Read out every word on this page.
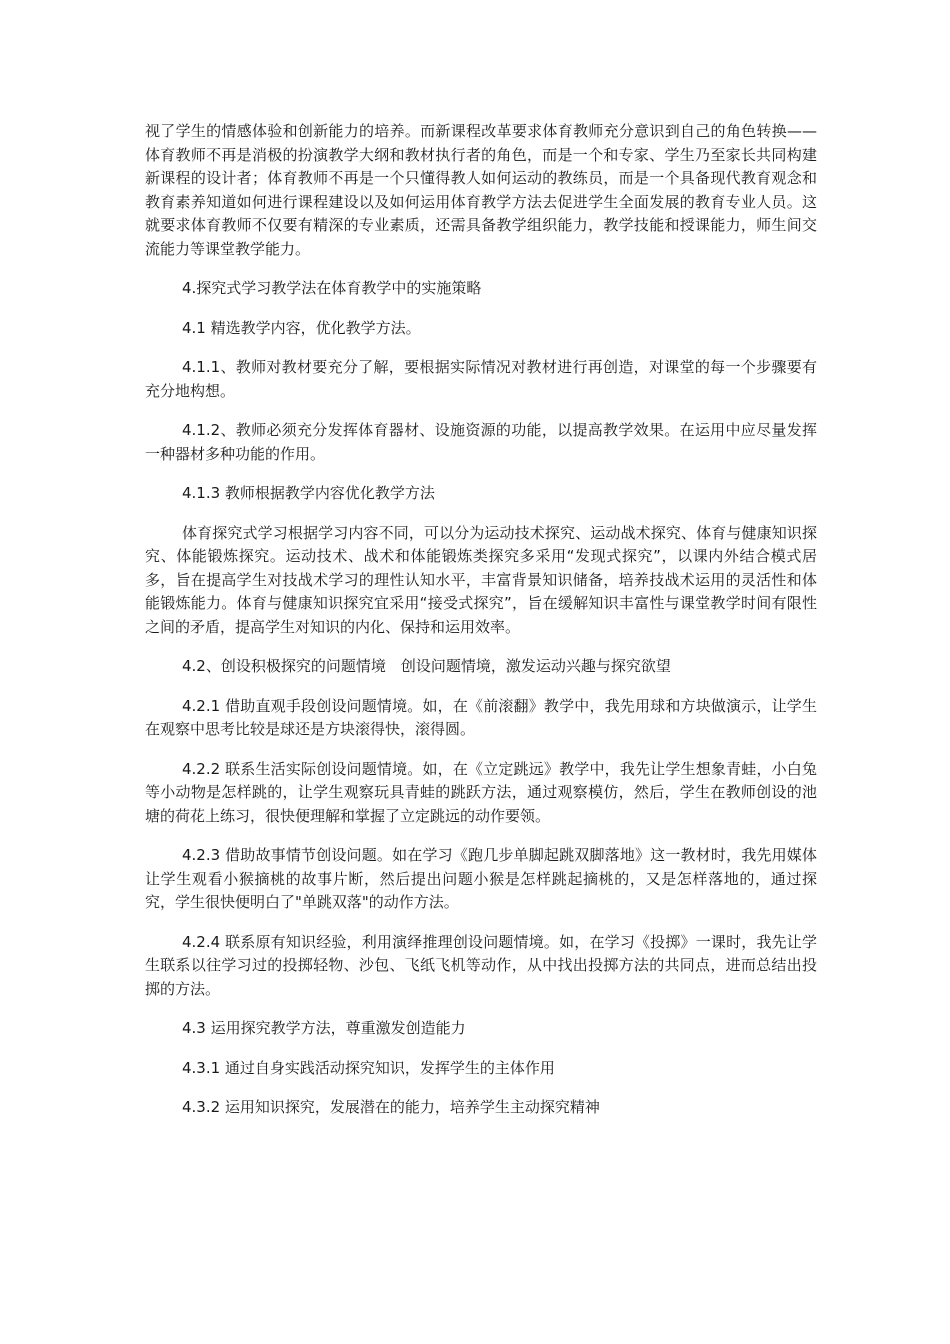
视了学生的情感体验和创新能力的培养。而新课程改革要求体育教师充分意识到自己的角色转换——体育教师不再是消极的扮演教学大纲和教材执行者的角色，而是一个和专家、学生乃至家长共同构建新课程的设计者；体育教师不再是一个只懂得教人如何运动的教练员，而是一个具备现代教育观念和教育素养知道如何进行课程建设以及如何运用体育教学方法去促进学生全面发展的教育专业人员。这就要求体育教师不仅要有精深的专业素质，还需具备教学组织能力，教学技能和授课能力，师生间交流能力等课堂教学能力。

4.探究式学习教学法在体育教学中的实施策略

4.1 精选教学内容，优化教学方法。

4.1.1、教师对教材要充分了解，要根据实际情况对教材进行再创造，对课堂的每一个步骤要有充分地构想。

4.1.2、教师必须充分发挥体育器材、设施资源的功能，以提高教学效果。在运用中应尽量发挥一种器材多种功能的作用。

4.1.3 教师根据教学内容优化教学方法

体育探究式学习根据学习内容不同，可以分为运动技术探究、运动战术探究、体育与健康知识探究、体能锻炼探究。运动技术、战术和体能锻炼类探究多采用“发现式探究”，以课内外结合模式居多，旨在提高学生对技战术学习的理性认知水平，丰富背景知识储备，培养技战术运用的灵活性和体能锻炼能力。体育与健康知识探究宜采用“接受式探究”，旨在缓解知识丰富性与课堂教学时间有限性之间的矛盾，提高学生对知识的内化、保持和运用效率。

4.2、创设积极探究的问题情境　创设问题情境，激发运动兴趣与探究欲望

4.2.1 借助直观手段创设问题情境。如，在《前滚翻》教学中，我先用球和方块做演示，让学生在观察中思考比较是球还是方块滚得快，滚得圆。

4.2.2 联系生活实际创设问题情境。如，在《立定跳远》教学中，我先让学生想象青蛙，小白兔等小动物是怎样跳的，让学生观察玩具青蛙的跳跃方法，通过观察模仿，然后，学生在教师创设的池塘的荷花上练习，很快便理解和掌握了立定跳远的动作要领。

4.2.3 借助故事情节创设问题。如在学习《跑几步单脚起跳双脚落地》这一教材时，我先用媒体让学生观看小猴摘桃的故事片断，然后提出问题小猴是怎样跳起摘桃的，又是怎样落地的，通过探究，学生很快便明白了"单跳双落"的动作方法。

4.2.4 联系原有知识经验，利用演绎推理创设问题情境。如，在学习《投掷》一课时，我先让学生联系以往学习过的投掷轻物、沙包、飞纸飞机等动作，从中找出投掷方法的共同点，进而总结出投掷的方法。

4.3 运用探究教学方法，尊重激发创造能力

4.3.1 通过自身实践活动探究知识，发挥学生的主体作用

4.3.2 运用知识探究，发展潜在的能力，培养学生主动探究精神
